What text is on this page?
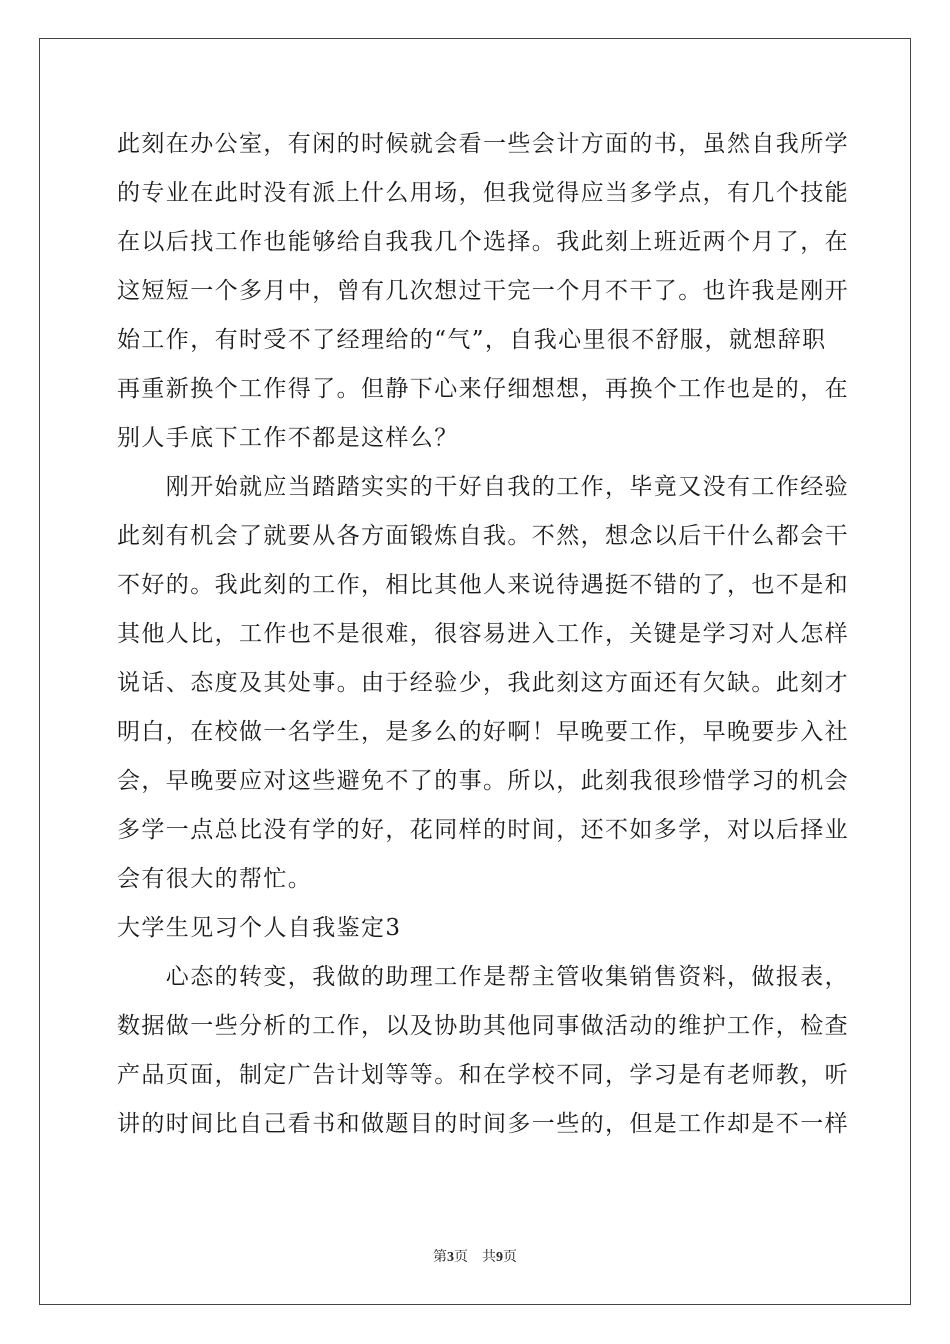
此刻在办公室，有闲的时候就会看一些会计方面的书，虽然自我所学
的专业在此时没有派上什么用场，但我觉得应当多学点，有几个技能
在以后找工作也能够给自我我几个选择。我此刻上班近两个月了，在
这短短一个多月中，曾有几次想过干完一个月不干了。也许我是刚开
始工作，有时受不了经理给的“气”，自我心里很不舒服，就想辞职
再重新换个工作得了。但静下心来仔细想想，再换个工作也是的，在
别人手底下工作不都是这样么？
　　刚开始就应当踏踏实实的干好自我的工作，毕竟又没有工作经验
此刻有机会了就要从各方面锻炼自我。不然，想念以后干什么都会干
不好的。我此刻的工作，相比其他人来说待遇挺不错的了，也不是和
其他人比，工作也不是很难，很容易进入工作，关键是学习对人怎样
说话、态度及其处事。由于经验少，我此刻这方面还有欠缺。此刻才
明白，在校做一名学生，是多么的好啊！早晚要工作，早晚要步入社
会，早晚要应对这些避免不了的事。所以，此刻我很珍惜学习的机会
多学一点总比没有学的好，花同样的时间，还不如多学，对以后择业
会有很大的帮忙。
大学生见习个人自我鉴定3
　　心态的转变，我做的助理工作是帮主管收集销售资料，做报表，
数据做一些分析的工作，以及协助其他同事做活动的维护工作，检查
产品页面，制定广告计划等等。和在学校不同，学习是有老师教，听
讲的时间比自己看书和做题目的时间多一些的，但是工作却是不一样
第3页　共9页
